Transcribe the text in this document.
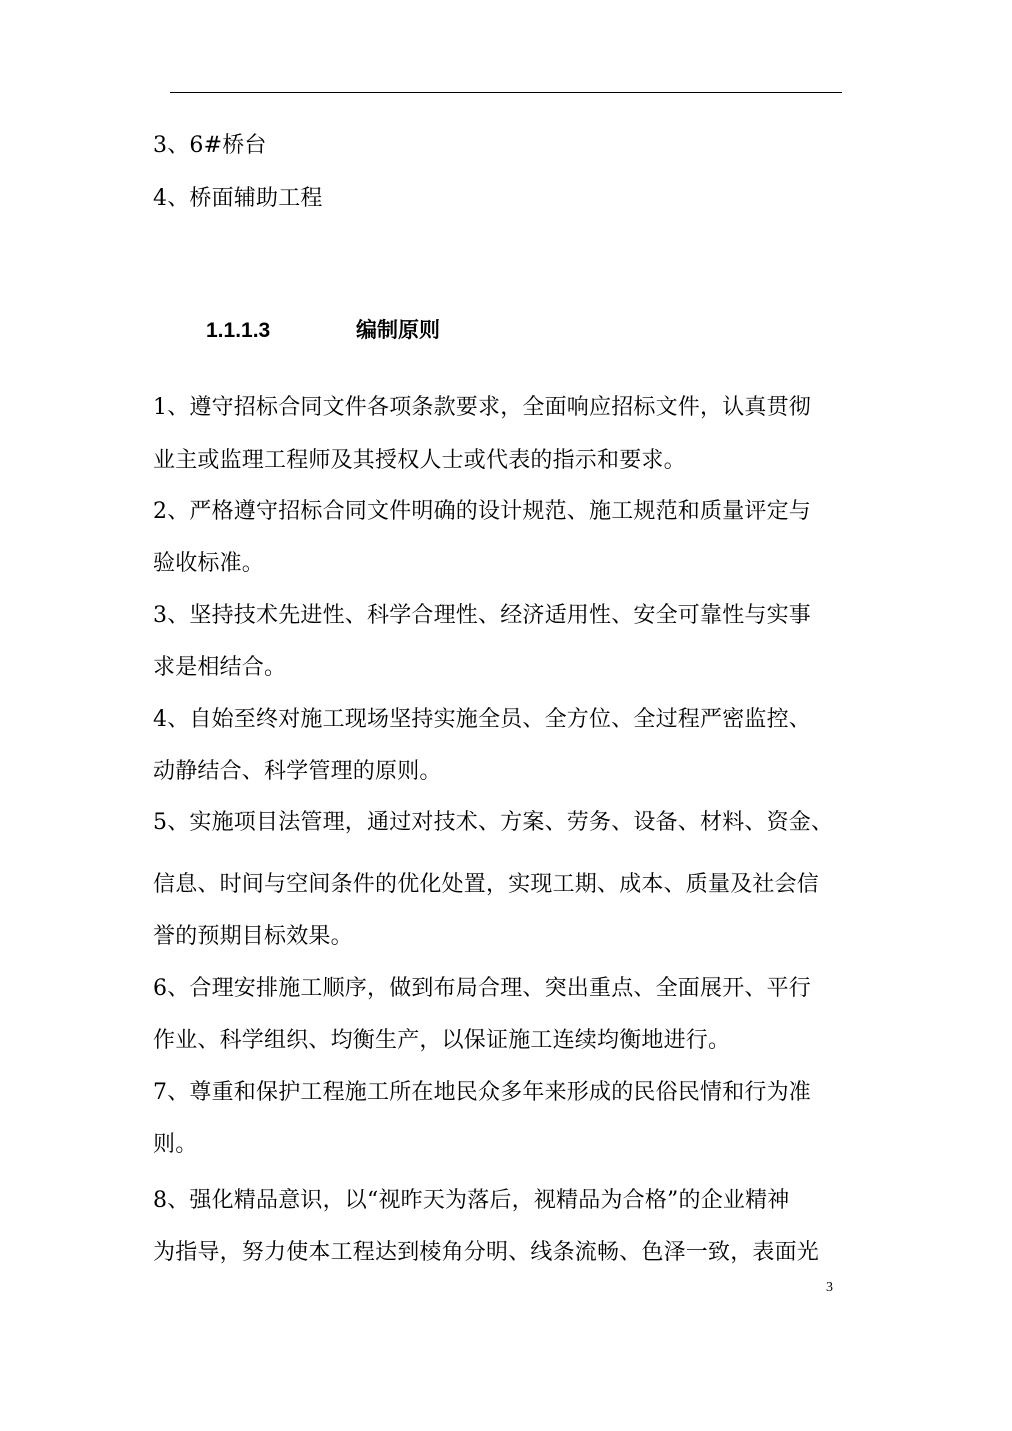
3、6#桥台
4、桥面辅助工程
1.1.1.3	编制原则
1、遵守招标合同文件各项条款要求，全面响应招标文件，认真贯彻
业主或监理工程师及其授权人士或代表的指示和要求。
2、严格遵守招标合同文件明确的设计规范、施工规范和质量评定与
验收标准。
3、坚持技术先进性、科学合理性、经济适用性、安全可靠性与实事
求是相结合。
4、自始至终对施工现场坚持实施全员、全方位、全过程严密监控、
动静结合、科学管理的原则。
5、实施项目法管理，通过对技术、方案、劳务、设备、材料、资金、
信息、时间与空间条件的优化处置，实现工期、成本、质量及社会信
誉的预期目标效果。
6、合理安排施工顺序，做到布局合理、突出重点、全面展开、平行
作业、科学组织、均衡生产，以保证施工连续均衡地进行。
7、尊重和保护工程施工所在地民众多年来形成的民俗民情和行为准
则。
8、强化精品意识，以“视昨天为落后，视精品为合格”的企业精神
为指导，努力使本工程达到棱角分明、线条流畅、色泽一致，表面光
3
